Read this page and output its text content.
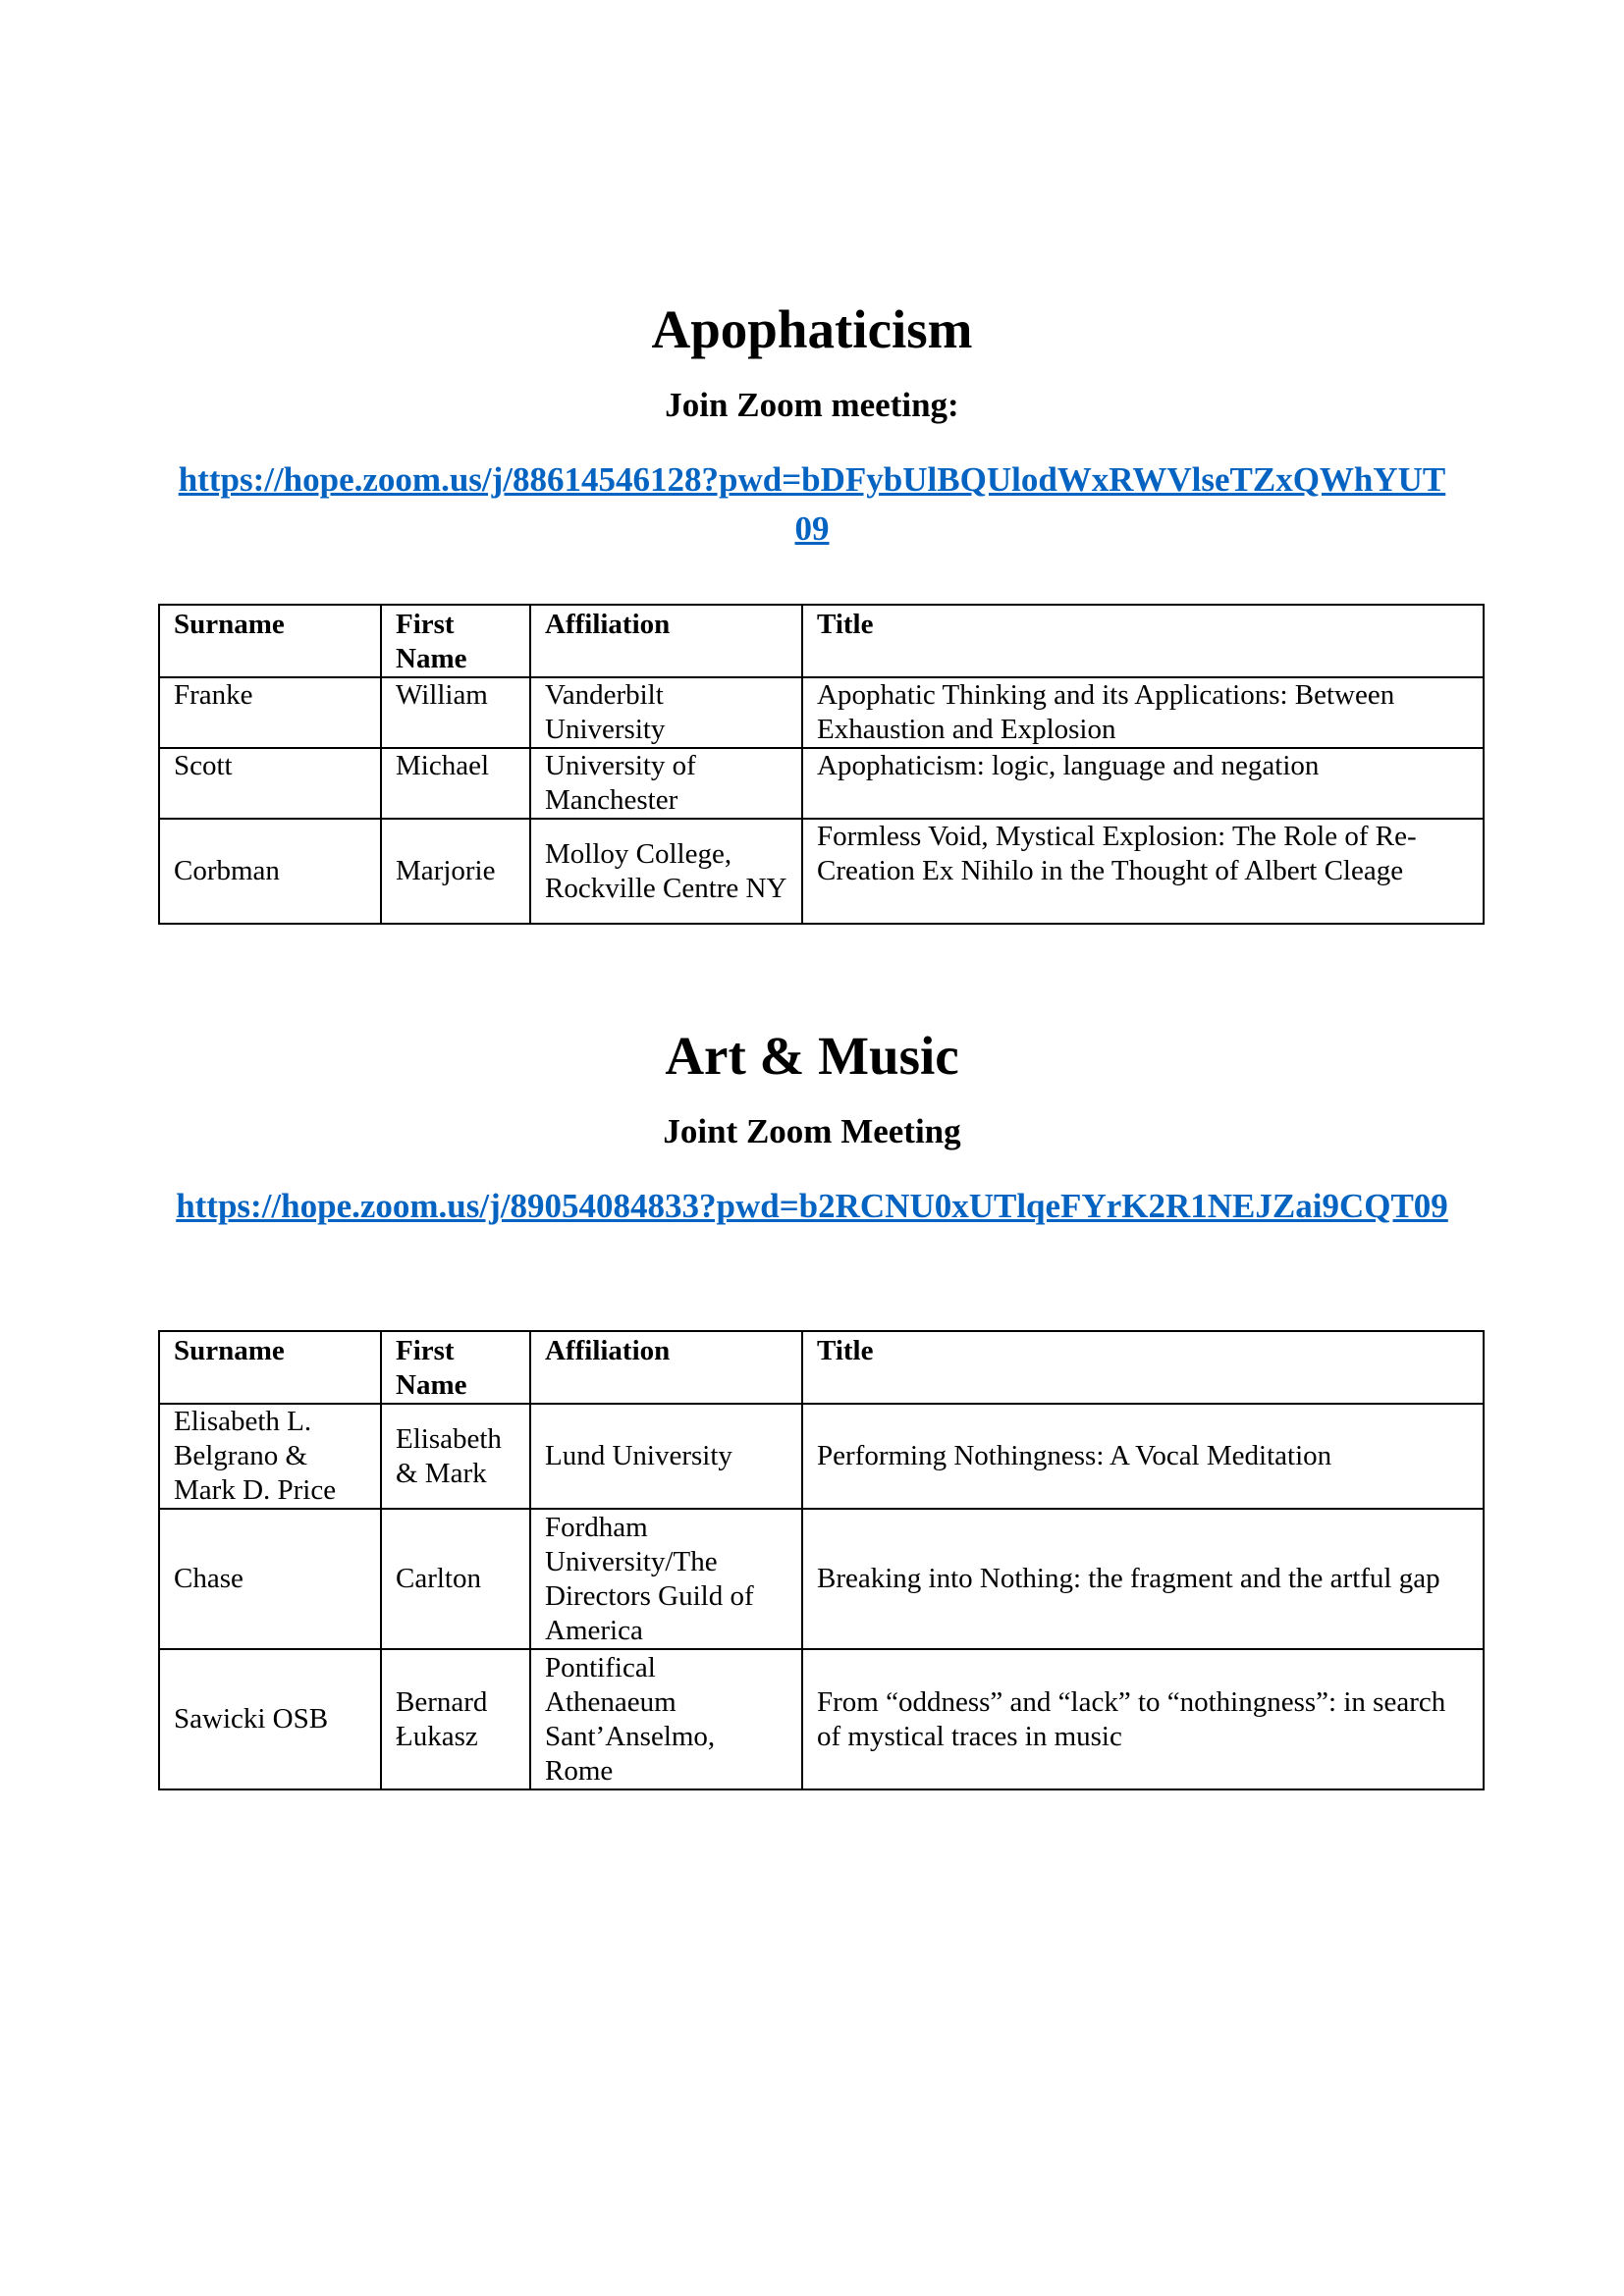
Apophaticism
Join Zoom meeting:
https://hope.zoom.us/j/88614546128?pwd=bDFybUlBQUlodWxRWVlseTZxQWhYUT09
Surname	First Name	Affiliation	Title
Franke	William	Vanderbilt University	Apophatic Thinking and its Applications: Between Exhaustion and Explosion
Scott	Michael	University of Manchester	Apophaticism: logic, language and negation
Corbman	Marjorie	Molloy College, Rockville Centre NY	Formless Void, Mystical Explosion: The Role of Re-Creation Ex Nihilo in the Thought of Albert Cleage
Art & Music
Joint Zoom Meeting
https://hope.zoom.us/j/89054084833?pwd=b2RCNU0xUTlqeFYrK2R1NEJZai9CQT09
Surname	First Name	Affiliation	Title
Elisabeth L. Belgrano & Mark D. Price	Elisabeth & Mark	Lund University	Performing Nothingness: A Vocal Meditation
Chase	Carlton	Fordham University/The Directors Guild of America	Breaking into Nothing: the fragment and the artful gap
Sawicki OSB	Bernard Łukasz	Pontifical Athenaeum Sant’Anselmo, Rome	From “oddness” and “lack” to “nothingness”: in search of mystical traces in music
